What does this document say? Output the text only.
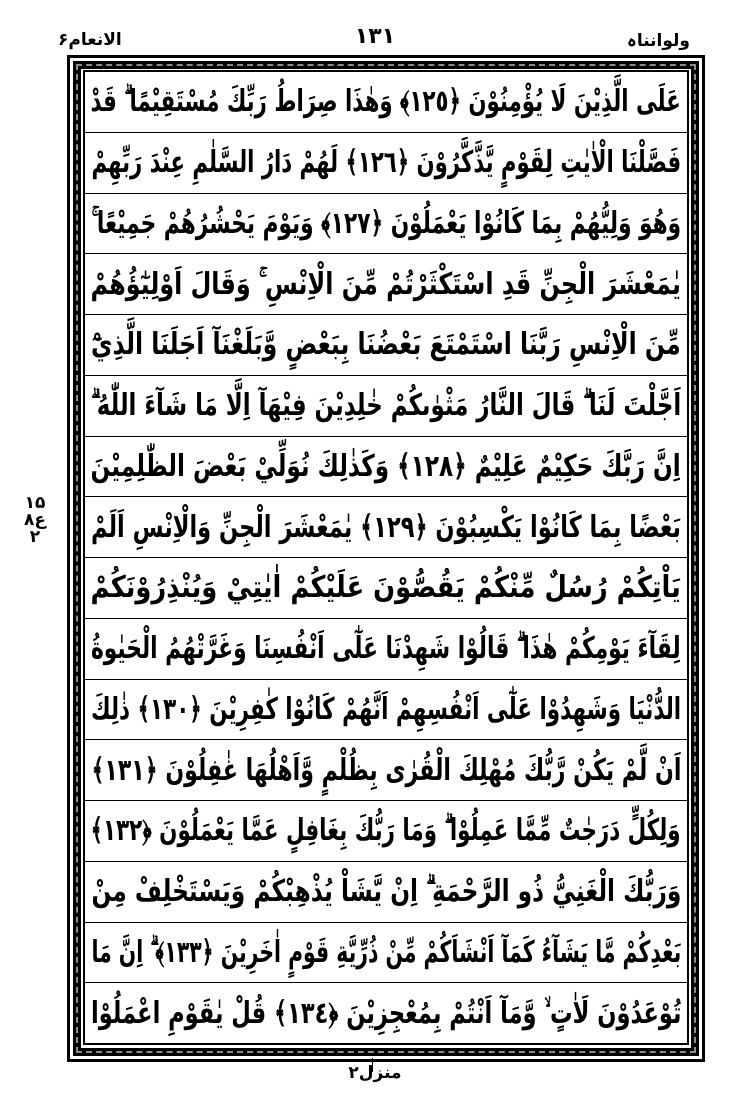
ولوانناہ
۱۳۱
الانعام۶
۱۵ ع۸ ۲
عَلَى الَّذِيْنَ لَا يُؤْمِنُوْنَ ﴿١٢٥﴾ وَهٰذَا صِرَاطُ رَبِّكَ مُسْتَقِيْمًا ۗ قَدْ
فَصَّلْنَا الْاٰيٰتِ لِقَوْمٍ يَّذَّكَّرُوْنَ ﴿١٢٦﴾ لَهُمْ دَارُ السَّلٰمِ عِنْدَ رَبِّهِمْ
وَهُوَ وَلِيُّهُمْ بِمَا كَانُوْا يَعْمَلُوْنَ ﴿١٢٧﴾ وَيَوْمَ يَحْشُرُهُمْ جَمِيْعًا ۚ
يٰمَعْشَرَ الْجِنِّ قَدِ اسْتَكْثَرْتُمْ مِّنَ الْاِنْسِ ۚ وَقَالَ اَوْلِيٰٓؤُهُمْ
مِّنَ الْاِنْسِ رَبَّنَا اسْتَمْتَعَ بَعْضُنَا بِبَعْضٍ وَّبَلَغْنَآ اَجَلَنَا الَّذِيْٓ
اَجَّلْتَ لَنَا ۗ قَالَ النَّارُ مَثْوٰىكُمْ خٰلِدِيْنَ فِيْهَآ اِلَّا مَا شَآءَ اللّٰهُ ۗ
اِنَّ رَبَّكَ حَكِيْمٌ عَلِيْمٌ ﴿١٢٨﴾ وَكَذٰلِكَ نُوَلِّيْ بَعْضَ الظّٰلِمِيْنَ
بَعْضًا بِمَا كَانُوْا يَكْسِبُوْنَ ﴿١٢٩﴾ يٰمَعْشَرَ الْجِنِّ وَالْاِنْسِ اَلَمْ
يَاْتِكُمْ رُسُلٌ مِّنْكُمْ يَقُصُّوْنَ عَلَيْكُمْ اٰيٰتِيْ وَيُنْذِرُوْنَكُمْ
لِقَآءَ يَوْمِكُمْ هٰذَا ۗ قَالُوْا شَهِدْنَا عَلٰٓى اَنْفُسِنَا وَغَرَّتْهُمُ الْحَيٰوةُ
الدُّنْيَا وَشَهِدُوْا عَلٰٓى اَنْفُسِهِمْ اَنَّهُمْ كَانُوْا كٰفِرِيْنَ ﴿١٣٠﴾ ذٰلِكَ
اَنْ لَّمْ يَكُنْ رَّبُّكَ مُهْلِكَ الْقُرٰى بِظُلْمٍ وَّاَهْلُهَا غٰفِلُوْنَ ﴿١٣١﴾
وَلِكُلٍّ دَرَجٰتٌ مِّمَّا عَمِلُوْا ۗ وَمَا رَبُّكَ بِغَافِلٍ عَمَّا يَعْمَلُوْنَ ﴿١٣٢﴾
وَرَبُّكَ الْغَنِيُّ ذُو الرَّحْمَةِ ۗ اِنْ يَّشَاْ يُذْهِبْكُمْ وَيَسْتَخْلِفْ مِنْ
بَعْدِكُمْ مَّا يَشَآءُ كَمَآ اَنْشَاَكُمْ مِّنْ ذُرِّيَّةِ قَوْمٍ اٰخَرِيْنَ ﴿١٣٣﴾ ۗ اِنَّ مَا
تُوْعَدُوْنَ لَاٰتٍ ۙ وَّمَآ اَنْتُمْ بِمُعْجِزِيْنَ ﴿١٣٤﴾ قُلْ يٰقَوْمِ اعْمَلُوْا
منزل۲
